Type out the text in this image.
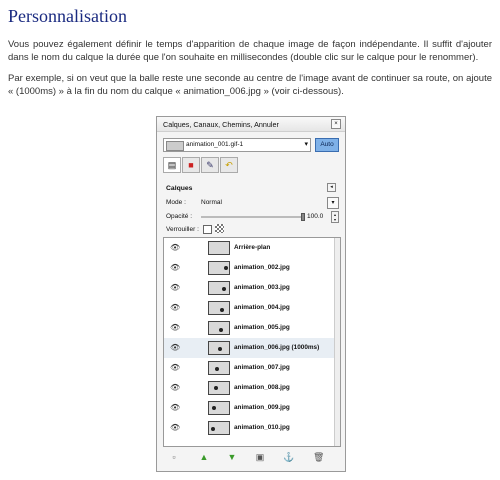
Personnalisation

Vous pouvez également définir le temps d'apparition de chaque image de façon indépendante. Il suffit d'ajouter dans le nom du calque la durée que l'on souhaite en millisecondes (double clic sur le calque pour le renommer).

Par exemple, si on veut que la balle reste une seconde au centre de l'image avant de continuer sa route, on ajoute « (1000ms) » à la fin du nom du calque « animation_006.jpg » (voir ci-dessous).

Calques, Canaux, Chemins, Annuler	×
animation_001.gif-1	▾	Auto
▤	■	✎	↶
Calques	◂
Mode : Normal	▾
Opacité :	100.0	▴
▾
Verrouiller :
👁	Arrière-plan
👁	animation_002.jpg
👁	animation_003.jpg
👁	animation_004.jpg
👁	animation_005.jpg
👁	animation_006.jpg (1000ms)
👁	animation_007.jpg
👁	animation_008.jpg
👁	animation_009.jpg
👁	animation_010.jpg
▫	▲ ▼ ▣ ⚓ 🗑
